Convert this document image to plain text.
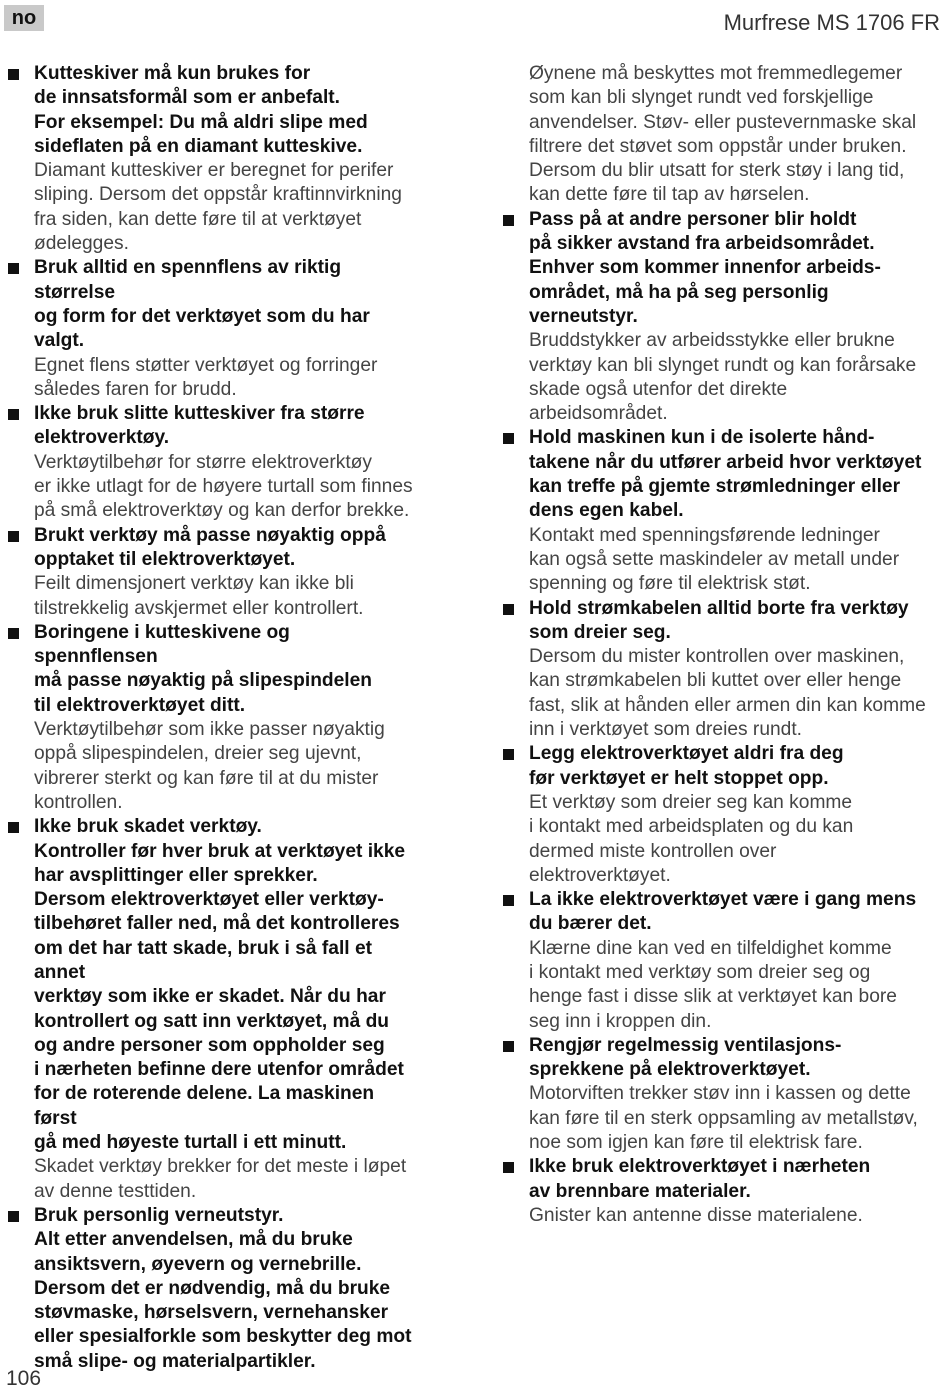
no	Murfrese MS 1706 FR
Kutteskiver må kun brukes for
de innsatsformål som er anbefalt.
For eksempel: Du må aldri slipe med
sideflaten på en diamant kutteskive.
Diamant kutteskiver er beregnet for perifer
sliping. Dersom det oppstår kraftinnvirkning
fra siden, kan dette føre til at verktøyet
ødelegges.
Bruk alltid en spennflens av riktig størrelse
og form for det verktøyet som du har valgt.
Egnet flens støtter verktøyet og forringer
således faren for brudd.
Ikke bruk slitte kutteskiver fra større
elektroverktøy.
Verktøytilbehør for større elektroverktøy
er ikke utlagt for de høyere turtall som finnes
på små elektroverktøy og kan derfor brekke.
Brukt verktøy må passe nøyaktig oppå
opptaket til elektroverktøyet.
Feilt dimensjonert verktøy kan ikke bli
tilstrekkelig avskjermet eller kontrollert.
Boringene i kutteskivene og spennflensen
må passe nøyaktig på slipespindelen
til elektroverktøyet ditt.
Verktøytilbehør som ikke passer nøyaktig
oppå slipespindelen, dreier seg ujevnt,
vibrerer sterkt og kan føre til at du mister
kontrollen.
Ikke bruk skadet verktøy.
Kontroller før hver bruk at verktøyet ikke
har avsplittinger eller sprekker.
Dersom elektroverktøyet eller verktøy-
tilbehøret faller ned, må det kontrolleres
om det har tatt skade, bruk i så fall et annet
verktøy som ikke er skadet. Når du har
kontrollert og satt inn verktøyet, må du
og andre personer som oppholder seg
i nærheten befinne dere utenfor området
for de roterende delene. La maskinen først
gå med høyeste turtall i ett minutt.
Skadet verktøy brekker for det meste i løpet
av denne testtiden.
Bruk personlig verneutstyr.
Alt etter anvendelsen, må du bruke
ansiktsvern, øyevern og vernebrille.
Dersom det er nødvendig, må du bruke
støvmaske, hørselsvern, vernehansker
eller spesialforkle som beskytter deg mot
små slipe- og materialpartikler.
Øynene må beskyttes mot fremmedlegemer
som kan bli slynget rundt ved forskjellige
anvendelser. Støv- eller pustevernmaske skal
filtrere det støvet som oppstår under bruken.
Dersom du blir utsatt for sterk støy i lang tid,
kan dette føre til tap av hørselen.
Pass på at andre personer blir holdt
på sikker avstand fra arbeidsområdet.
Enhver som kommer innenfor arbeids-
området, må ha på seg personlig
verneutstyr.
Bruddstykker av arbeidsstykke eller brukne
verktøy kan bli slynget rundt og kan forårsake
skade også utenfor det direkte
arbeidsområdet.
Hold maskinen kun i de isolerte hånd-
takene når du utfører arbeid hvor verktøyet
kan treffe på gjemte strømledninger eller
dens egen kabel.
Kontakt med spenningsførende ledninger
kan også sette maskindeler av metall under
spenning og føre til elektrisk støt.
Hold strømkabelen alltid borte fra verktøy
som dreier seg.
Dersom du mister kontrollen over maskinen,
kan strømkabelen bli kuttet over eller henge
fast, slik at hånden eller armen din kan komme
inn i verktøyet som dreies rundt.
Legg elektroverktøyet aldri fra deg
før verktøyet er helt stoppet opp.
Et verktøy som dreier seg kan komme
i kontakt med arbeidsplaten og du kan
dermed miste kontrollen over
elektroverktøyet.
La ikke elektroverktøyet være i gang mens
du bærer det.
Klærne dine kan ved en tilfeldighet komme
i kontakt med verktøy som dreier seg og
henge fast i disse slik at verktøyet kan bore
seg inn i kroppen din.
Rengjør regelmessig ventilasjons-
sprekkene på elektroverktøyet.
Motorviften trekker støv inn i kassen og dette
kan føre til en sterk oppsamling av metallstøv,
noe som igjen kan føre til elektrisk fare.
Ikke bruk elektroverktøyet i nærheten
av brennbare materialer.
Gnister kan antenne disse materialene.
106
